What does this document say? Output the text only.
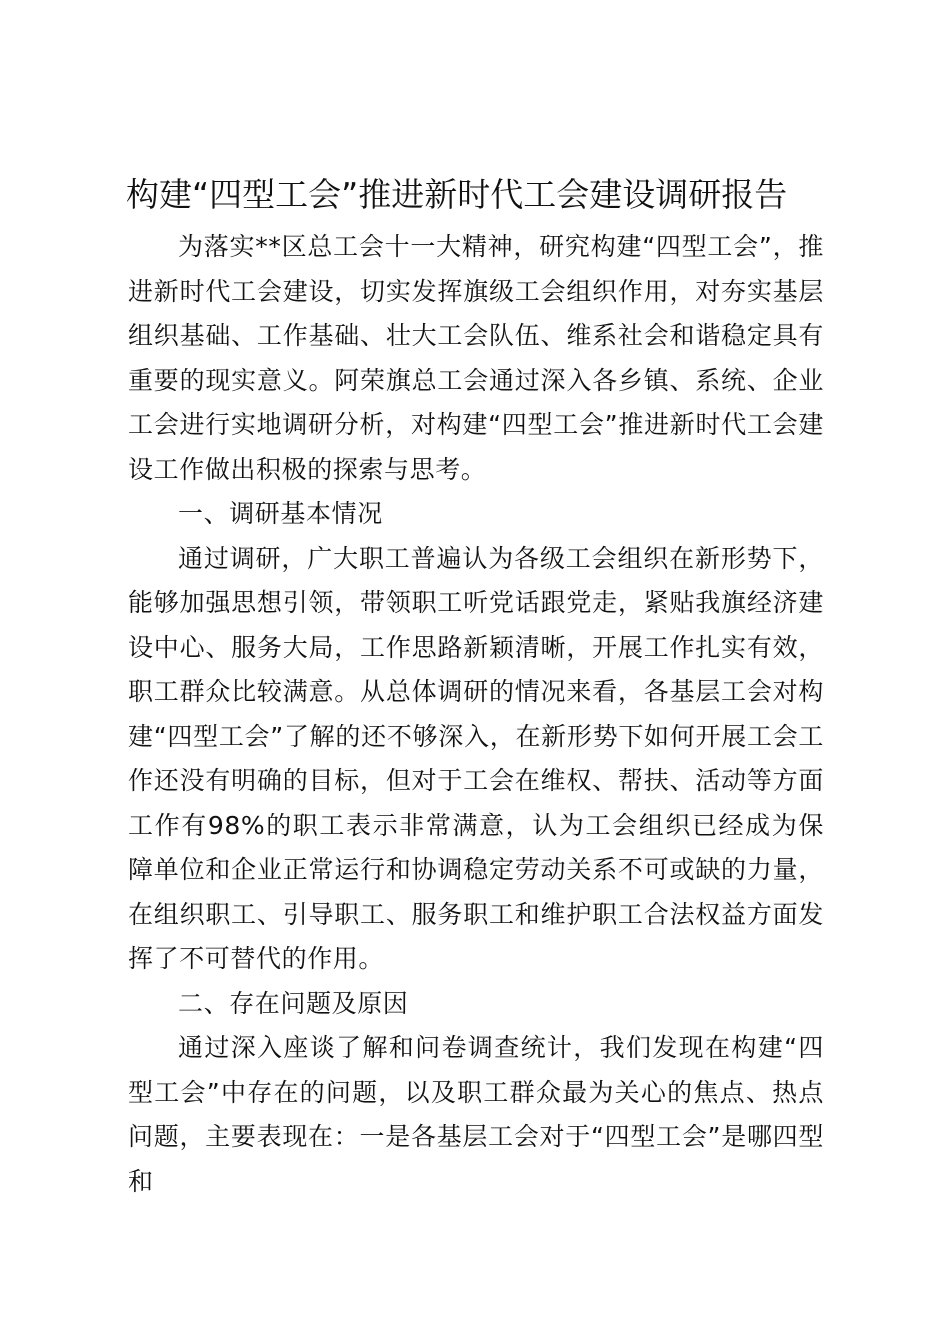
构建“四型工会”推进新时代工会建设调研报告

为落实**区总工会十一大精神，研究构建“四型工会”，推进新时代工会建设，切实发挥旗级工会组织作用，对夯实基层组织基础、工作基础、壮大工会队伍、维系社会和谐稳定具有重要的现实意义。阿荣旗总工会通过深入各乡镇、系统、企业工会进行实地调研分析，对构建“四型工会”推进新时代工会建设工作做出积极的探索与思考。

一、调研基本情况

通过调研，广大职工普遍认为各级工会组织在新形势下，能够加强思想引领，带领职工听党话跟党走，紧贴我旗经济建设中心、服务大局，工作思路新颖清晰，开展工作扎实有效，职工群众比较满意。从总体调研的情况来看，各基层工会对构建“四型工会”了解的还不够深入，在新形势下如何开展工会工作还没有明确的目标，但对于工会在维权、帮扶、活动等方面工作有98%的职工表示非常满意，认为工会组织已经成为保障单位和企业正常运行和协调稳定劳动关系不可或缺的力量，在组织职工、引导职工、服务职工和维护职工合法权益方面发挥了不可替代的作用。

二、存在问题及原因

通过深入座谈了解和问卷调查统计，我们发现在构建“四型工会”中存在的问题，以及职工群众最为关心的焦点、热点问题，主要表现在：一是各基层工会对于“四型工会”是哪四型和
